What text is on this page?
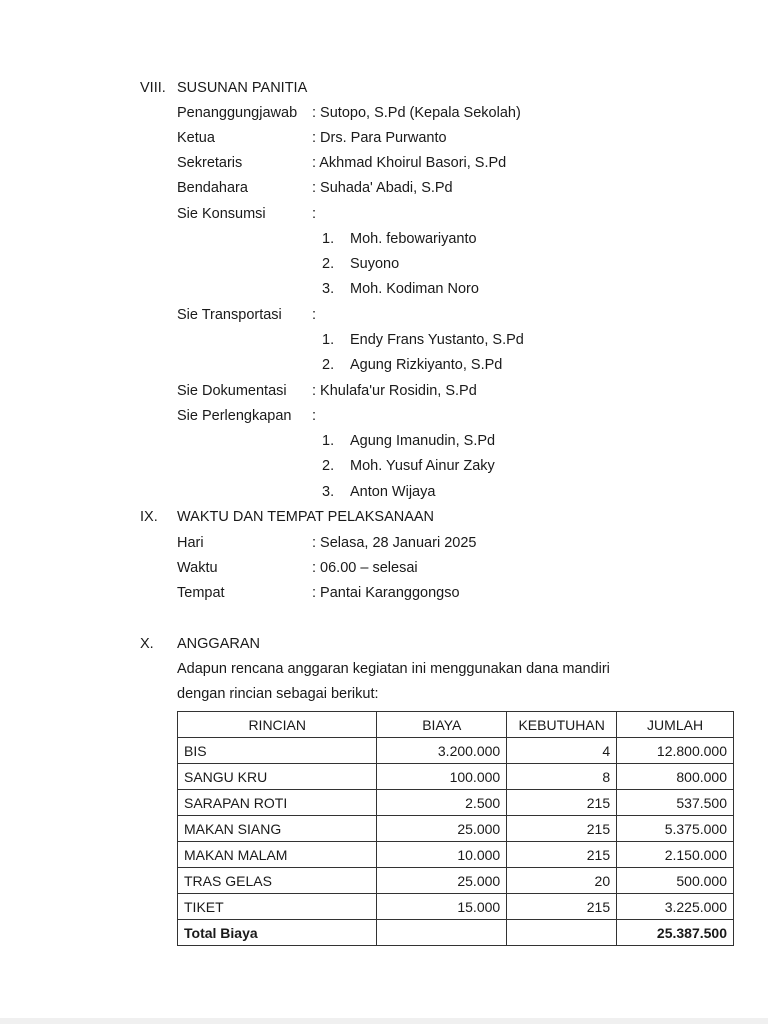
VIII. SUSUNAN PANITIA
Penanggungjawab : Sutopo, S.Pd (Kepala Sekolah)
Ketua	: Drs. Para Purwanto
Sekretaris	: Akhmad Khoirul Basori, S.Pd
Bendahara	: Suhada' Abadi, S.Pd
Sie Konsumsi	:
1. Moh. febowariyanto
2. Suyono
3. Moh. Kodiman Noro
Sie Transportasi :
1. Endy Frans Yustanto, S.Pd
2. Agung Rizkiyanto, S.Pd
Sie Dokumentasi : Khulafa'ur Rosidin, S.Pd
Sie Perlengkapan :
1. Agung Imanudin, S.Pd
2. Moh. Yusuf Ainur Zaky
3. Anton Wijaya
IX. WAKTU DAN TEMPAT PELAKSANAAN
Hari	: Selasa, 28 Januari 2025
Waktu	: 06.00 – selesai
Tempat	: Pantai Karanggongso
X. ANGGARAN
Adapun rencana anggaran kegiatan ini menggunakan dana mandiri
dengan rincian sebagai berikut:
RINCIAN	BIAYA	KEBUTUHAN	JUMLAH
BIS	3.200.000	4	12.800.000
SANGU KRU	100.000	8	800.000
SARAPAN ROTI	2.500	215	537.500
MAKAN SIANG	25.000	215	5.375.000
MAKAN MALAM	10.000	215	2.150.000
TRAS GELAS	25.000	20	500.000
TIKET	15.000	215	3.225.000
Total Biaya			25.387.500
